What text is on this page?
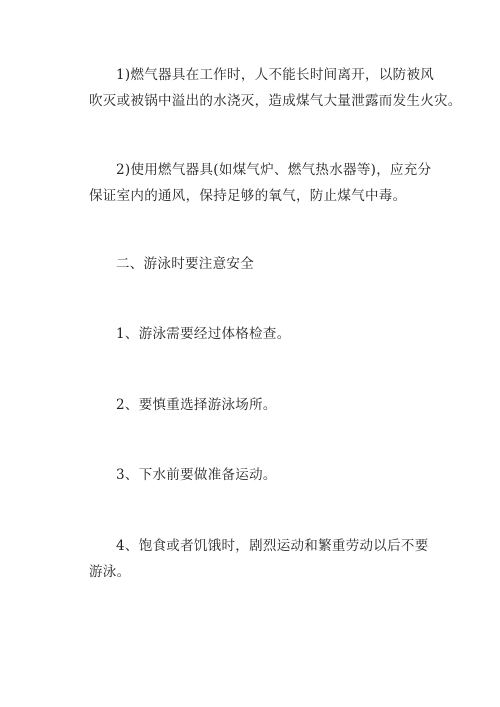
1)燃气器具在工作时，人不能长时间离开，以防被风
吹灭或被锅中溢出的水浇灭，造成煤气大量泄露而发生火灾。
2)使用燃气器具(如煤气炉、燃气热水器等)，应充分
保证室内的通风，保持足够的氧气，防止煤气中毒。
二、游泳时要注意安全
1、游泳需要经过体格检查。
2、要慎重选择游泳场所。
3、下水前要做准备运动。
4、饱食或者饥饿时，剧烈运动和繁重劳动以后不要
游泳。
